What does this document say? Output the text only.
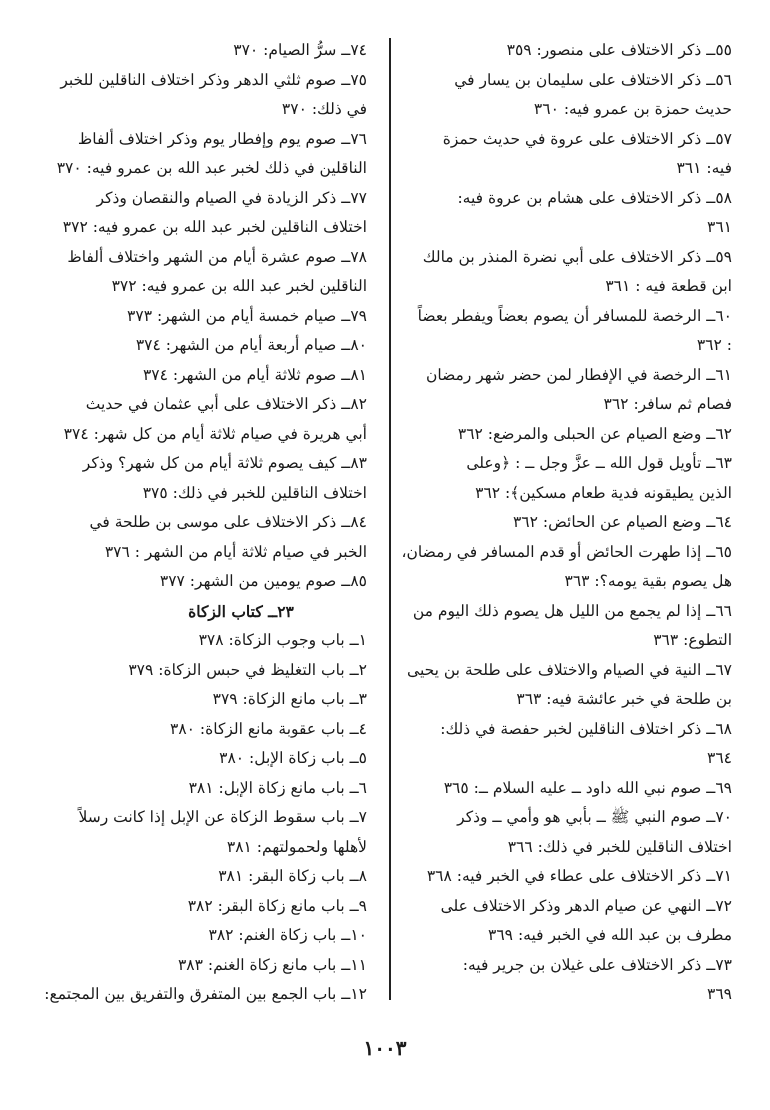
٥٥ــ ذكر الاختلاف على منصور: ٣٥٩
٥٦ــ ذكر الاختلاف على سليمان بن يسار في
حديث حمزة بن عمرو فيه: ٣٦٠
٥٧ــ ذكر الاختلاف على عروة في حديث حمزة
فيه: ٣٦١
٥٨ــ ذكر الاختلاف على هشام بن عروة فيه:
٣٦١
٥٩ــ ذكر الاختلاف على أبي نضرة المنذر بن مالك
ابن قطعة فيه : ٣٦١
٦٠ــ الرخصة للمسافر أن يصوم بعضاً ويفطر بعضاً
: ٣٦٢
٦١ــ الرخصة في الإفطار لمن حضر شهر رمضان
فصام ثم سافر: ٣٦٢
٦٢ــ وضع الصيام عن الحبلى والمرضع: ٣٦٢
٦٣ــ تأويل قول الله ــ عزَّ وجل ــ : ﴿وعلى
الذين يطيقونه فدية طعام مسكين﴾: ٣٦٢
٦٤ــ وضع الصيام عن الحائض: ٣٦٢
٦٥ــ إذا طهرت الحائض أو قدم المسافر في رمضان،
هل يصوم بقية يومه؟: ٣٦٣
٦٦ــ إذا لم يجمع من الليل هل يصوم ذلك اليوم من
التطوع: ٣٦٣
٦٧ــ النية في الصيام والاختلاف على طلحة بن يحيى
بن طلحة في خبر عائشة فيه: ٣٦٣
٦٨ــ ذكر اختلاف الناقلين لخبر حفصة في ذلك:
٣٦٤
٦٩ــ صوم نبي الله داود ــ عليه السلام ــ: ٣٦٥
٧٠ــ صوم النبي ﷺ ــ بأبي هو وأمي ــ وذكر
اختلاف الناقلين للخبر في ذلك: ٣٦٦
٧١ــ ذكر الاختلاف على عطاء في الخبر فيه: ٣٦٨
٧٢ــ النهي عن صيام الدهر وذكر الاختلاف على
مطرف بن عبد الله في الخبر فيه: ٣٦٩
٧٣ــ ذكر الاختلاف على غيلان بن جرير فيه:
٣٦٩
٧٤ــ سرُّ الصيام: ٣٧٠
٧٥ــ صوم ثلثي الدهر وذكر اختلاف الناقلين للخبر
في ذلك: ٣٧٠
٧٦ــ صوم يوم وإفطار يوم وذكر اختلاف ألفاظ
الناقلين في ذلك لخبر عبد الله بن عمرو فيه: ٣٧٠
٧٧ــ ذكر الزيادة في الصيام والنقصان وذكر
اختلاف الناقلين لخبر عبد الله بن عمرو فيه: ٣٧٢
٧٨ــ صوم عشرة أيام من الشهر واختلاف ألفاظ
الناقلين لخبر عبد الله بن عمرو فيه: ٣٧٢
٧٩ــ صيام خمسة أيام من الشهر: ٣٧٣
٨٠ــ صيام أربعة أيام من الشهر: ٣٧٤
٨١ــ صوم ثلاثة أيام من الشهر: ٣٧٤
٨٢ــ ذكر الاختلاف على أبي عثمان في حديث
أبي هريرة في صيام ثلاثة أيام من كل شهر: ٣٧٤
٨٣ــ كيف يصوم ثلاثة أيام من كل شهر؟ وذكر
اختلاف الناقلين للخبر في ذلك: ٣٧٥
٨٤ــ ذكر الاختلاف على موسى بن طلحة في
الخبر في صيام ثلاثة أيام من الشهر : ٣٧٦
٨٥ــ صوم يومين من الشهر: ٣٧٧
٢٣ــ كتاب الزكاة
١ــ باب وجوب الزكاة: ٣٧٨
٢ــ باب التغليظ في حبس الزكاة: ٣٧٩
٣ــ باب مانع الزكاة: ٣٧٩
٤ــ باب عقوبة مانع الزكاة: ٣٨٠
٥ــ باب زكاة الإبل: ٣٨٠
٦ــ باب مانع زكاة الإبل: ٣٨١
٧ــ باب سقوط الزكاة عن الإبل إذا كانت رسلاً
لأهلها ولحمولتهم: ٣٨١
٨ــ باب زكاة البقر: ٣٨١
٩ــ باب مانع زكاة البقر: ٣٨٢
١٠ــ باب زكاة الغنم: ٣٨٢
١١ــ باب مانع زكاة الغنم: ٣٨٣
١٢ــ باب الجمع بين المتفرق والتفريق بين المجتمع:
١٠٠٣
